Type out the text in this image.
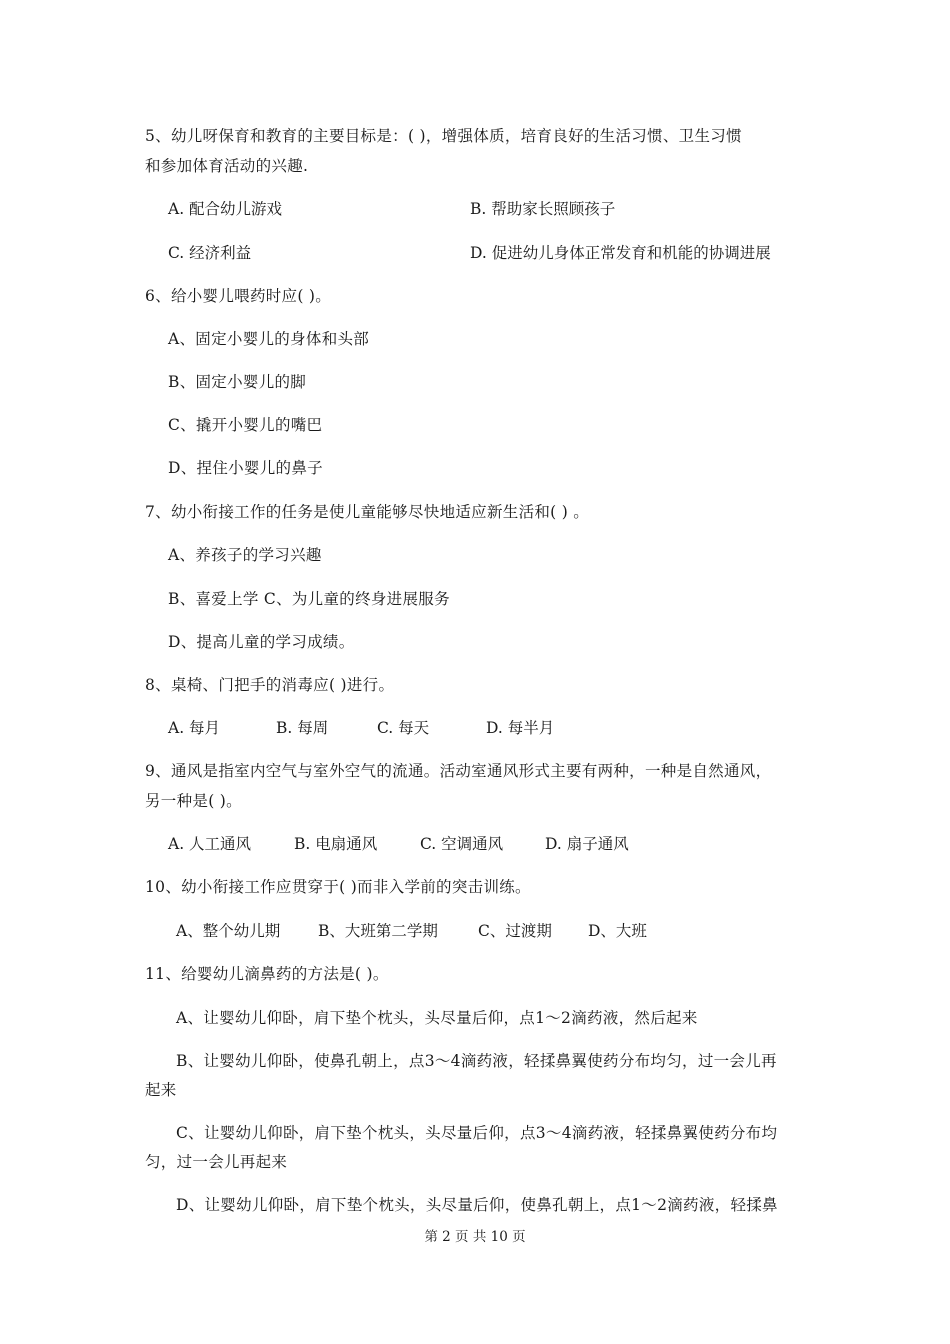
5、幼儿呀保育和教育的主要目标是：( )，增强体质，培育良好的生活习惯、卫生习惯
和参加体育活动的兴趣.
A. 配合幼儿游戏	B. 帮助家长照顾孩子
C. 经济利益	D. 促进幼儿身体正常发育和机能的协调进展
6、给小婴儿喂药时应( )。
A、固定小婴儿的身体和头部
B、固定小婴儿的脚
C、撬开小婴儿的嘴巴
D、捏住小婴儿的鼻子
7、幼小衔接工作的任务是使儿童能够尽快地适应新生活和( ) 。
A、养孩子的学习兴趣
B、喜爱上学 C、为儿童的终身进展服务
D、提高儿童的学习成绩。
8、桌椅、门把手的消毒应( )进行。
A. 每月	B. 每周	C. 每天	D. 每半月
9、通风是指室内空气与室外空气的流通。活动室通风形式主要有两种，一种是自然通风，
另一种是( )。
A. 人工通风	B. 电扇通风	C. 空调通风	D. 扇子通风
10、幼小衔接工作应贯穿于( )而非入学前的突击训练。
A、整个幼儿期 B、大班第二学期	C、过渡期 D、大班
11、给婴幼儿滴鼻药的方法是( )。
A、让婴幼儿仰卧，肩下垫个枕头，头尽量后仰，点1～2滴药液，然后起来
B、让婴幼儿仰卧，使鼻孔朝上，点3～4滴药液，轻揉鼻翼使药分布均匀，过一会儿再
起来
C、让婴幼儿仰卧，肩下垫个枕头，头尽量后仰，点3～4滴药液，轻揉鼻翼使药分布均
匀，过一会儿再起来
D、让婴幼儿仰卧，肩下垫个枕头，头尽量后仰，使鼻孔朝上，点1～2滴药液，轻揉鼻
第 2 页 共 10 页
